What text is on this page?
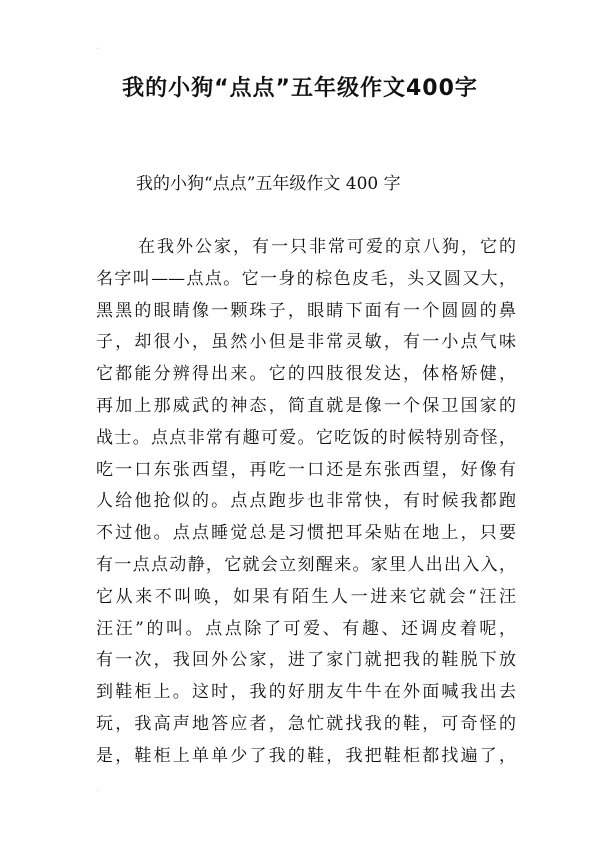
我的小狗“点点”五年级作文400字
我的小狗“点点”五年级作文 400 字
在我外公家，有一只非常可爱的京八狗，它的
名字叫——点点。它一身的棕色皮毛，头又圆又大，
黑黑的眼睛像一颗珠子，眼睛下面有一个圆圆的鼻
子，却很小，虽然小但是非常灵敏，有一小点气味
它都能分辨得出来。它的四肢很发达，体格矫健，
再加上那威武的神态，简直就是像一个保卫国家的
战士。点点非常有趣可爱。它吃饭的时候特别奇怪，
吃一口东张西望，再吃一口还是东张西望，好像有
人给他抢似的。点点跑步也非常快，有时候我都跑
不过他。点点睡觉总是习惯把耳朵贴在地上，只要
有一点点动静，它就会立刻醒来。家里人出出入入，
它从来不叫唤，如果有陌生人一进来它就会“汪汪
汪汪”的叫。点点除了可爱、有趣、还调皮着呢，
有一次，我回外公家，进了家门就把我的鞋脱下放
到鞋柜上。这时，我的好朋友牛牛在外面喊我出去
玩，我高声地答应者，急忙就找我的鞋，可奇怪的
是，鞋柜上单单少了我的鞋，我把鞋柜都找遍了，
·
·
